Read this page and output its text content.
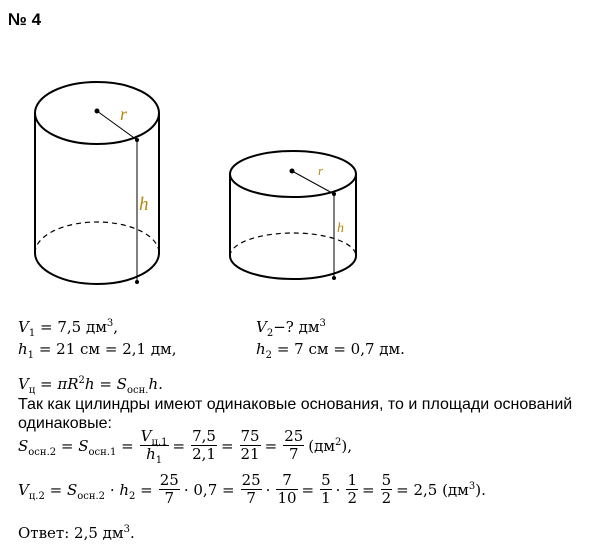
№ 4
r
h
r
h
$V_1 = 7,5$ $дм^3$,
$h_1 = 21$ см = 2,1 дм,
$V_2-$? $дм^3$
$h_2 = 7$ см = 0,7 дм.
$V_ц = \pi R^2h = S_{осн.}h$.
Так как цилиндры имеют одинаковые основания, то и площади оснований одинаковые:
$S_{осн.2} = S_{осн.1} = \frac{V_{ц.1}}{h_1} = \frac{7,5}{2,1} = \frac{75}{21} = \frac{25}{7} (дм^2)$,
$V_{ц.2} = S_{осн.2} \cdot h_2 = \frac{25}{7} \cdot 0,7 = \frac{25}{7} \cdot \frac{7}{10} = \frac{5}{1} \cdot \frac{1}{2} = \frac{5}{2} = 2,5$ $(дм^3)$.
Ответ: 2,5 $дм^3$.
